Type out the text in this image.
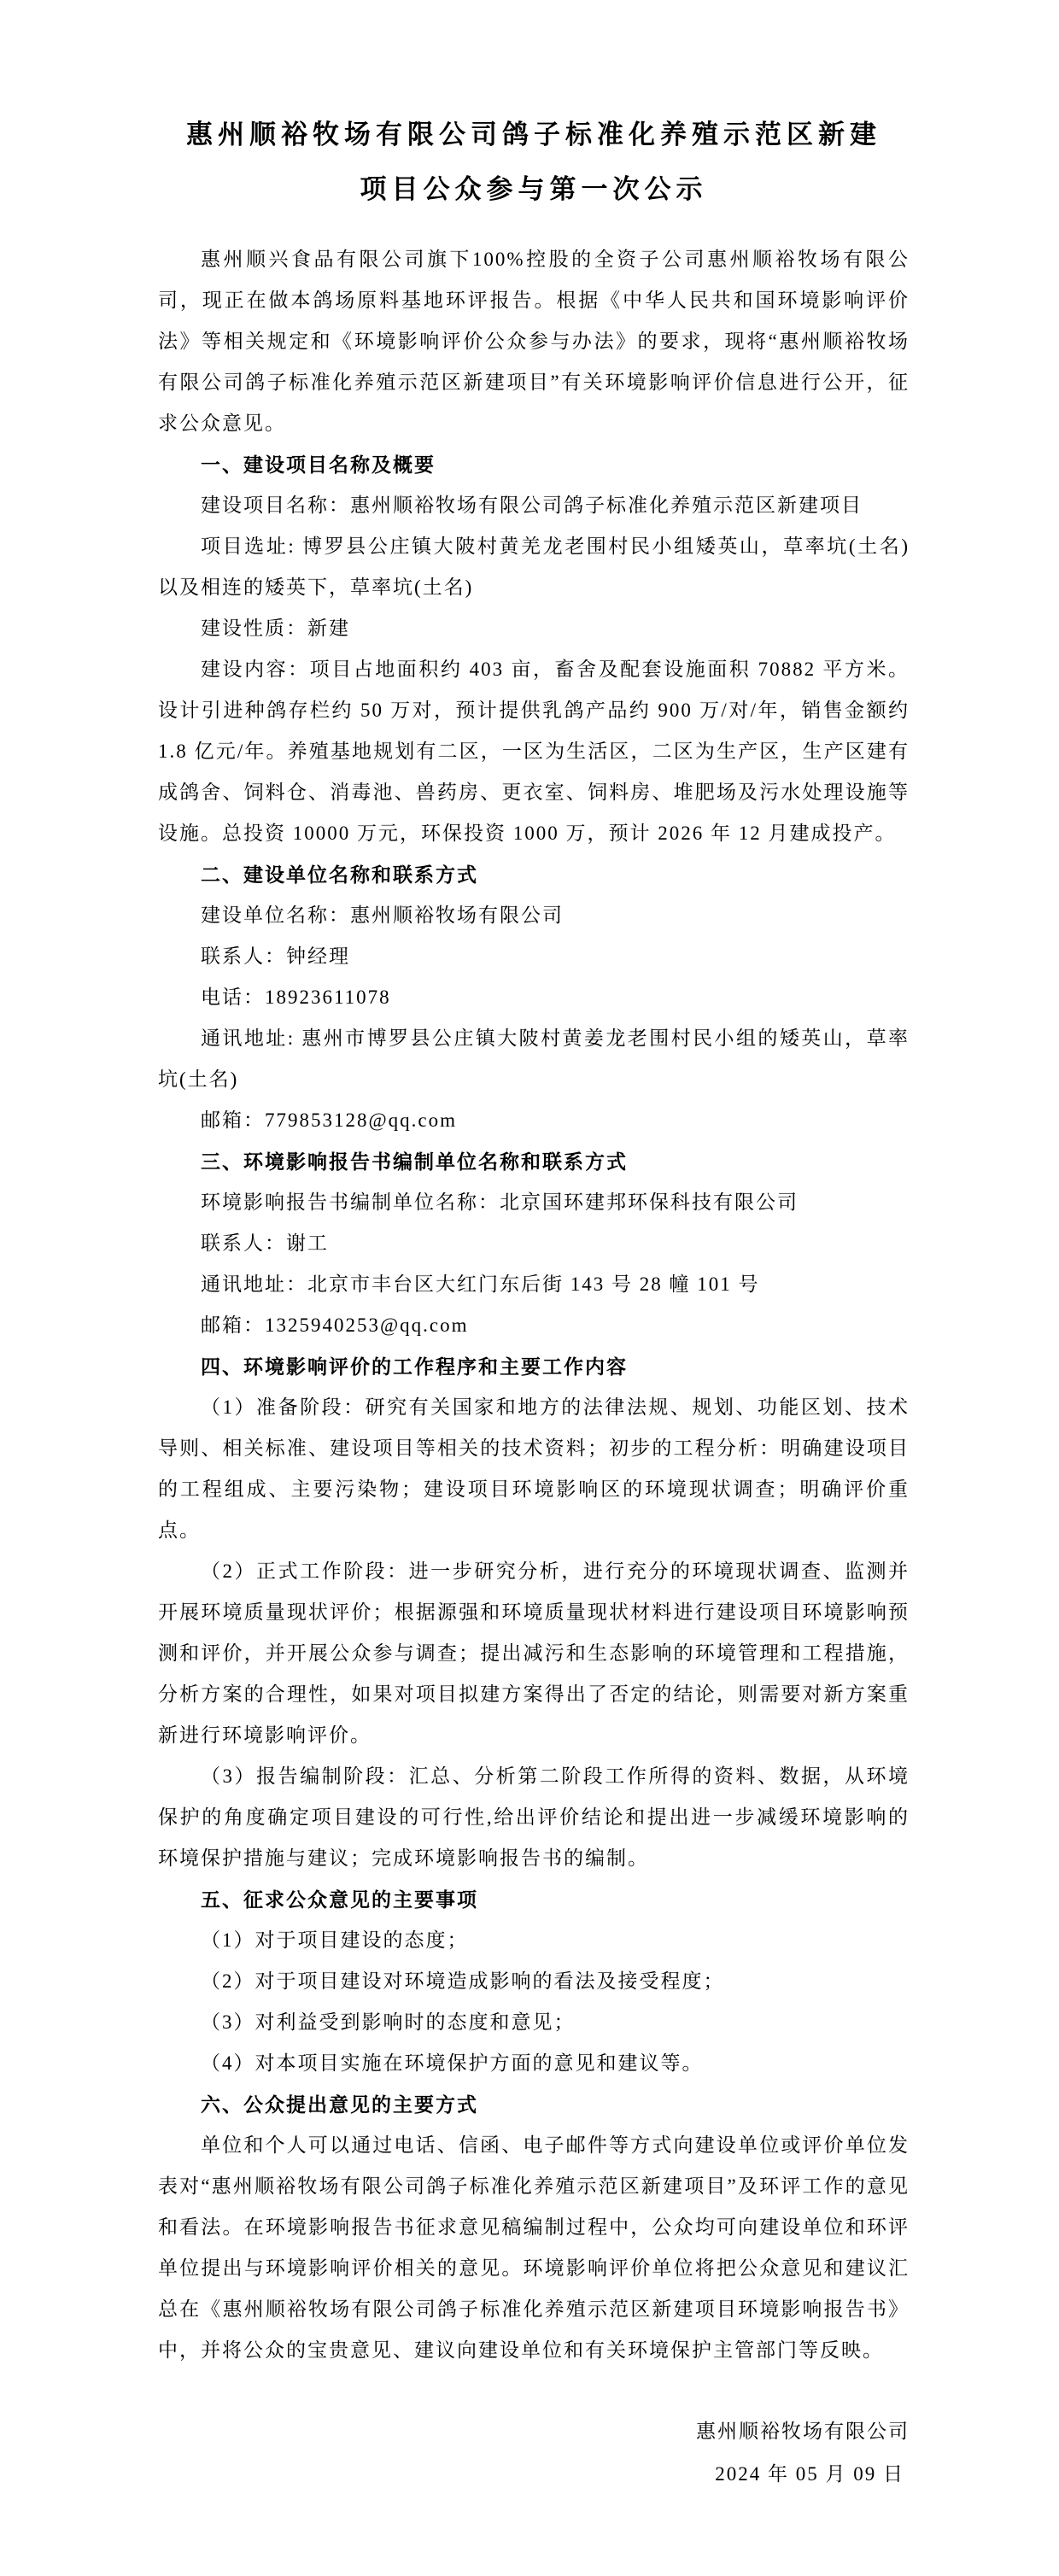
惠州顺裕牧场有限公司鸽子标准化养殖示范区新建
项目公众参与第一次公示

惠州顺兴食品有限公司旗下100%控股的全资子公司惠州顺裕牧场有限公司，现正在做本鸽场原料基地环评报告。根据《中华人民共和国环境影响评价法》等相关规定和《环境影响评价公众参与办法》的要求，现将“惠州顺裕牧场有限公司鸽子标准化养殖示范区新建项目”有关环境影响评价信息进行公开，征求公众意见。

一、建设项目名称及概要

建设项目名称：惠州顺裕牧场有限公司鸽子标准化养殖示范区新建项目

项目选址: 博罗县公庄镇大陂村黄羌龙老围村民小组矮英山，草率坑(土名)以及相连的矮英下，草率坑(土名)

建设性质：新建

建设内容：项目占地面积约 403 亩，畜舍及配套设施面积 70882 平方米。设计引进种鸽存栏约 50 万对，预计提供乳鸽产品约 900 万/对/年，销售金额约1.8 亿元/年。养殖基地规划有二区，一区为生活区，二区为生产区，生产区建有成鸽舍、饲料仓、消毒池、兽药房、更衣室、饲料房、堆肥场及污水处理设施等设施。总投资 10000 万元，环保投资 1000 万，预计 2026 年 12 月建成投产。

二、建设单位名称和联系方式

建设单位名称：惠州顺裕牧场有限公司

联系人：钟经理

电话：18923611078

通讯地址: 惠州市博罗县公庄镇大陂村黄姜龙老围村民小组的矮英山，草率坑(土名)

邮箱：779853128@qq.com

三、环境影响报告书编制单位名称和联系方式

环境影响报告书编制单位名称：北京国环建邦环保科技有限公司

联系人：谢工

通讯地址：北京市丰台区大红门东后街 143 号 28 幢 101 号

邮箱：1325940253@qq.com

四、环境影响评价的工作程序和主要工作内容

（1）准备阶段：研究有关国家和地方的法律法规、规划、功能区划、技术导则、相关标准、建设项目等相关的技术资料；初步的工程分析：明确建设项目的工程组成、主要污染物；建设项目环境影响区的环境现状调查；明确评价重点。

（2）正式工作阶段：进一步研究分析，进行充分的环境现状调查、监测并开展环境质量现状评价；根据源强和环境质量现状材料进行建设项目环境影响预测和评价，并开展公众参与调查；提出减污和生态影响的环境管理和工程措施，分析方案的合理性，如果对项目拟建方案得出了否定的结论，则需要对新方案重新进行环境影响评价。

（3）报告编制阶段：汇总、分析第二阶段工作所得的资料、数据，从环境保护的角度确定项目建设的可行性,给出评价结论和提出进一步减缓环境影响的环境保护措施与建议；完成环境影响报告书的编制。

五、征求公众意见的主要事项

（1）对于项目建设的态度；

（2）对于项目建设对环境造成影响的看法及接受程度；

（3）对利益受到影响时的态度和意见；

（4）对本项目实施在环境保护方面的意见和建议等。

六、公众提出意见的主要方式

单位和个人可以通过电话、信函、电子邮件等方式向建设单位或评价单位发表对“惠州顺裕牧场有限公司鸽子标准化养殖示范区新建项目”及环评工作的意见和看法。在环境影响报告书征求意见稿编制过程中，公众均可向建设单位和环评单位提出与环境影响评价相关的意见。环境影响评价单位将把公众意见和建议汇总在《惠州顺裕牧场有限公司鸽子标准化养殖示范区新建项目环境影响报告书》中，并将公众的宝贵意见、建议向建设单位和有关环境保护主管部门等反映。

惠州顺裕牧场有限公司
2024 年 05 月 09 日
